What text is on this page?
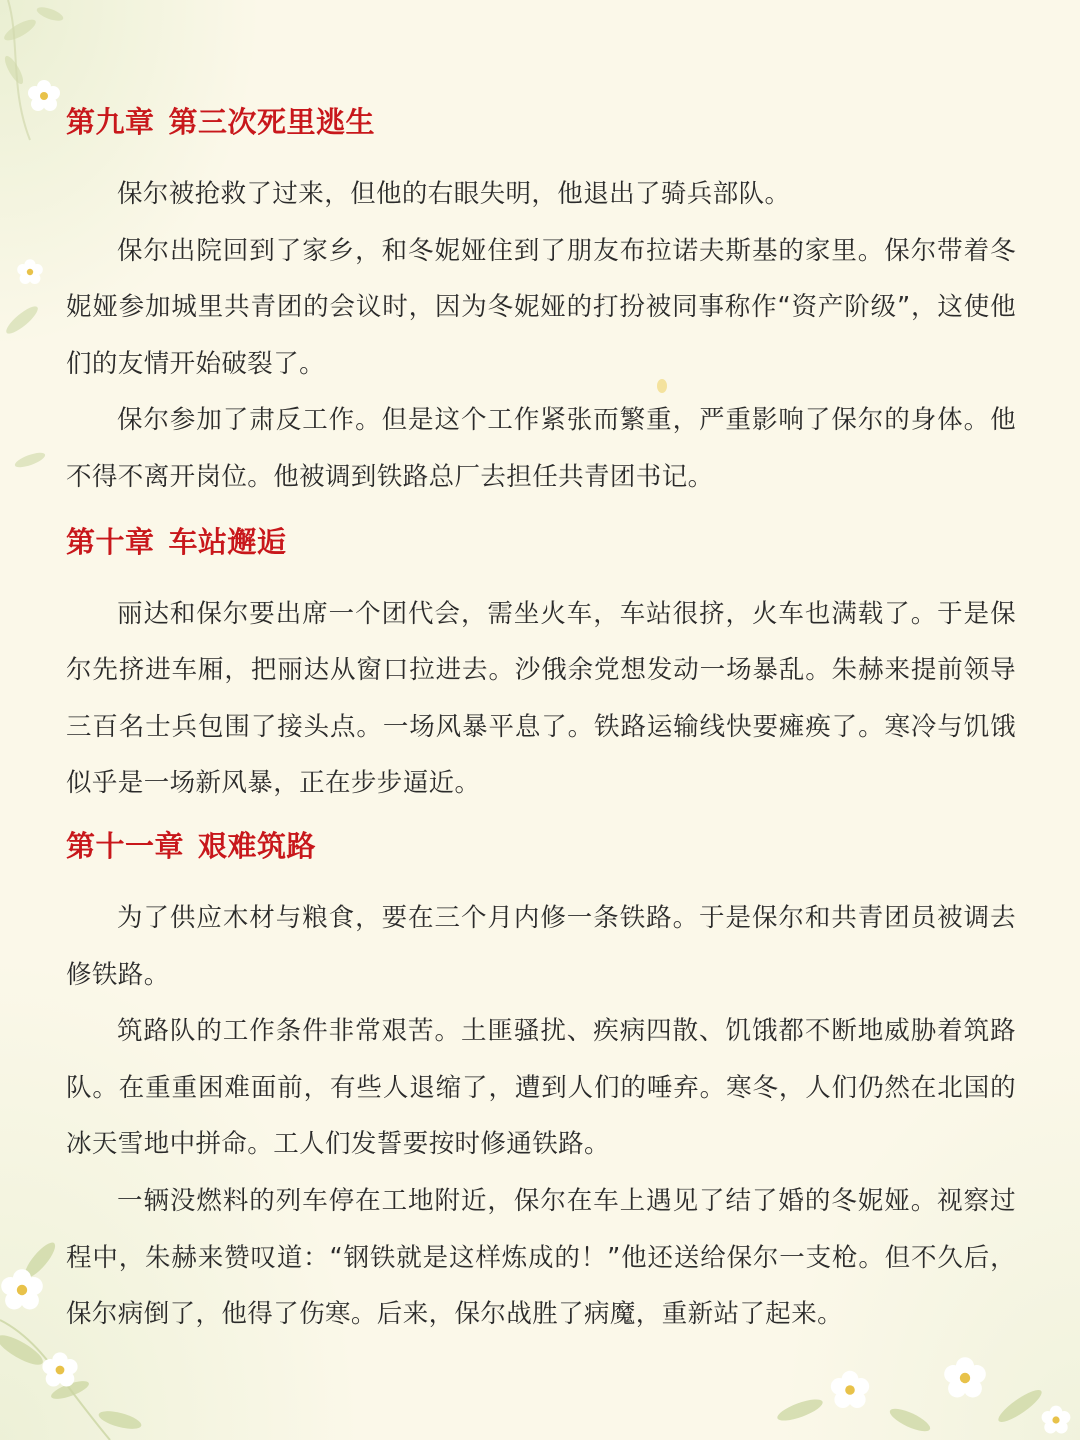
第九章 第三次死里逃生

保尔被抢救了过来，但他的右眼失明，他退出了骑兵部队。

保尔出院回到了家乡，和冬妮娅住到了朋友布拉诺夫斯基的家里。保尔带着冬妮娅参加城里共青团的会议时，因为冬妮娅的打扮被同事称作“资产阶级”，这使他们的友情开始破裂了。

保尔参加了肃反工作。但是这个工作紧张而繁重，严重影响了保尔的身体。他不得不离开岗位。他被调到铁路总厂去担任共青团书记。

第十章 车站邂逅

丽达和保尔要出席一个团代会，需坐火车，车站很挤，火车也满载了。于是保尔先挤进车厢，把丽达从窗口拉进去。沙俄余党想发动一场暴乱。朱赫来提前领导三百名士兵包围了接头点。一场风暴平息了。铁路运输线快要瘫痪了。寒冷与饥饿似乎是一场新风暴，正在步步逼近。

第十一章 艰难筑路

为了供应木材与粮食，要在三个月内修一条铁路。于是保尔和共青团员被调去修铁路。

筑路队的工作条件非常艰苦。土匪骚扰、疾病四散、饥饿都不断地威胁着筑路队。在重重困难面前，有些人退缩了，遭到人们的唾弃。寒冬，人们仍然在北国的冰天雪地中拼命。工人们发誓要按时修通铁路。

一辆没燃料的列车停在工地附近，保尔在车上遇见了结了婚的冬妮娅。视察过程中，朱赫来赞叹道：“钢铁就是这样炼成的！”他还送给保尔一支枪。但不久后，保尔病倒了，他得了伤寒。后来，保尔战胜了病魔，重新站了起来。
